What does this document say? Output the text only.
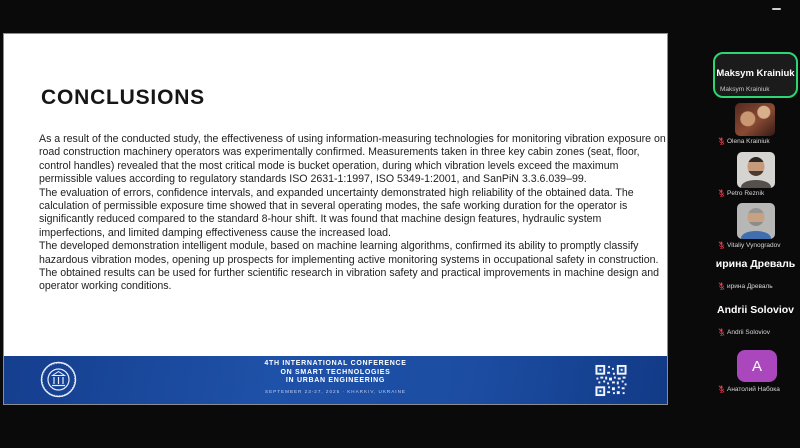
CONCLUSIONS

As a result of the conducted study, the effectiveness of using information-measuring technologies for monitoring vibration exposure on road construction machinery operators was experimentally confirmed. Measurements taken in three key cabin zones (seat, floor, control handles) revealed that the most critical mode is bucket operation, during which vibration levels exceed the maximum permissible values according to regulatory standards ISO 2631-1:1997, ISO 5349-1:2001, and SanPiN 3.3.6.039–99.

The evaluation of errors, confidence intervals, and expanded uncertainty demonstrated high reliability of the obtained data. The calculation of permissible exposure time showed that in several operating modes, the safe working duration for the operator is significantly reduced compared to the standard 8-hour shift. It was found that machine design features, hydraulic system imperfections, and limited damping effectiveness cause the increased load.

The developed demonstration intelligent module, based on machine learning algorithms, confirmed its ability to promptly classify hazardous vibration modes, opening up prospects for implementing active monitoring systems in occupational safety in construction.

The obtained results can be used for further scientific research in vibration safety and practical improvements in machine design and operator working conditions.

4TH INTERNATIONAL CONFERENCE
ON SMART TECHNOLOGIES
IN URBAN ENGINEERING
SEPTEMBER 23-27, 2025 · KHARKIV, UKRAINE
Maksym Krainiuk
Maksym Krainiuk
Olena Krainiuk
Petro Reznik
Vitaliy Vynogradov
ирина Древаль
ирина Древаль
Andrii Soloviov
Andrii Soloviov
A
Анатолий Набока
